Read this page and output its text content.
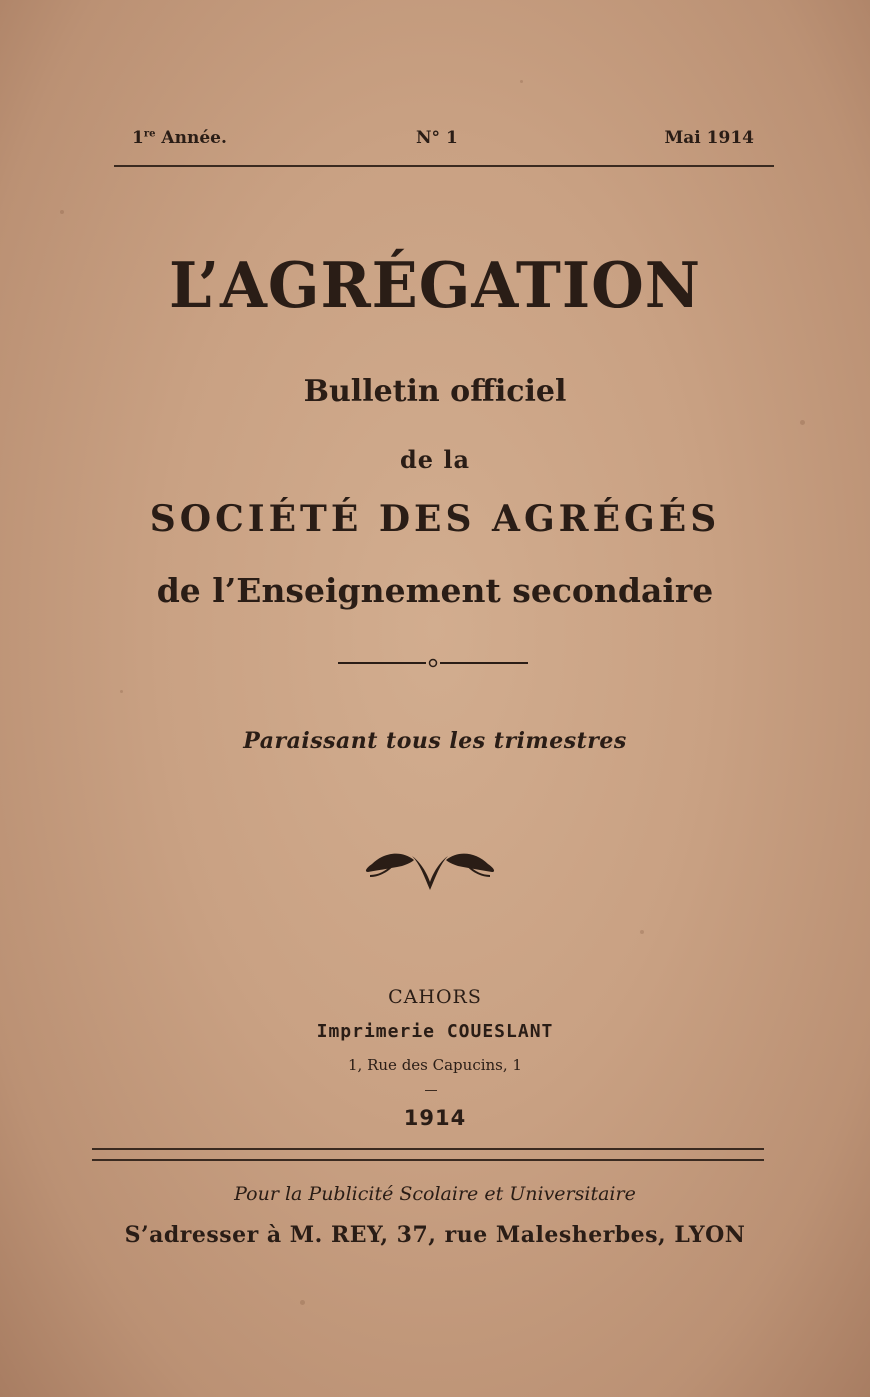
1re Année.	N° 1	Mai 1914
L’AGRÉGATION
Bulletin officiel
de la
SOCIÉTÉ DES AGRÉGÉS
de l’Enseignement secondaire
Paraissant tous les trimestres
CAHORS
Imprimerie COUESLANT
1, Rue des Capucins, 1
1914
Pour la Publicité Scolaire et Universitaire
S’adresser à M. REY, 37, rue Malesherbes, LYON
